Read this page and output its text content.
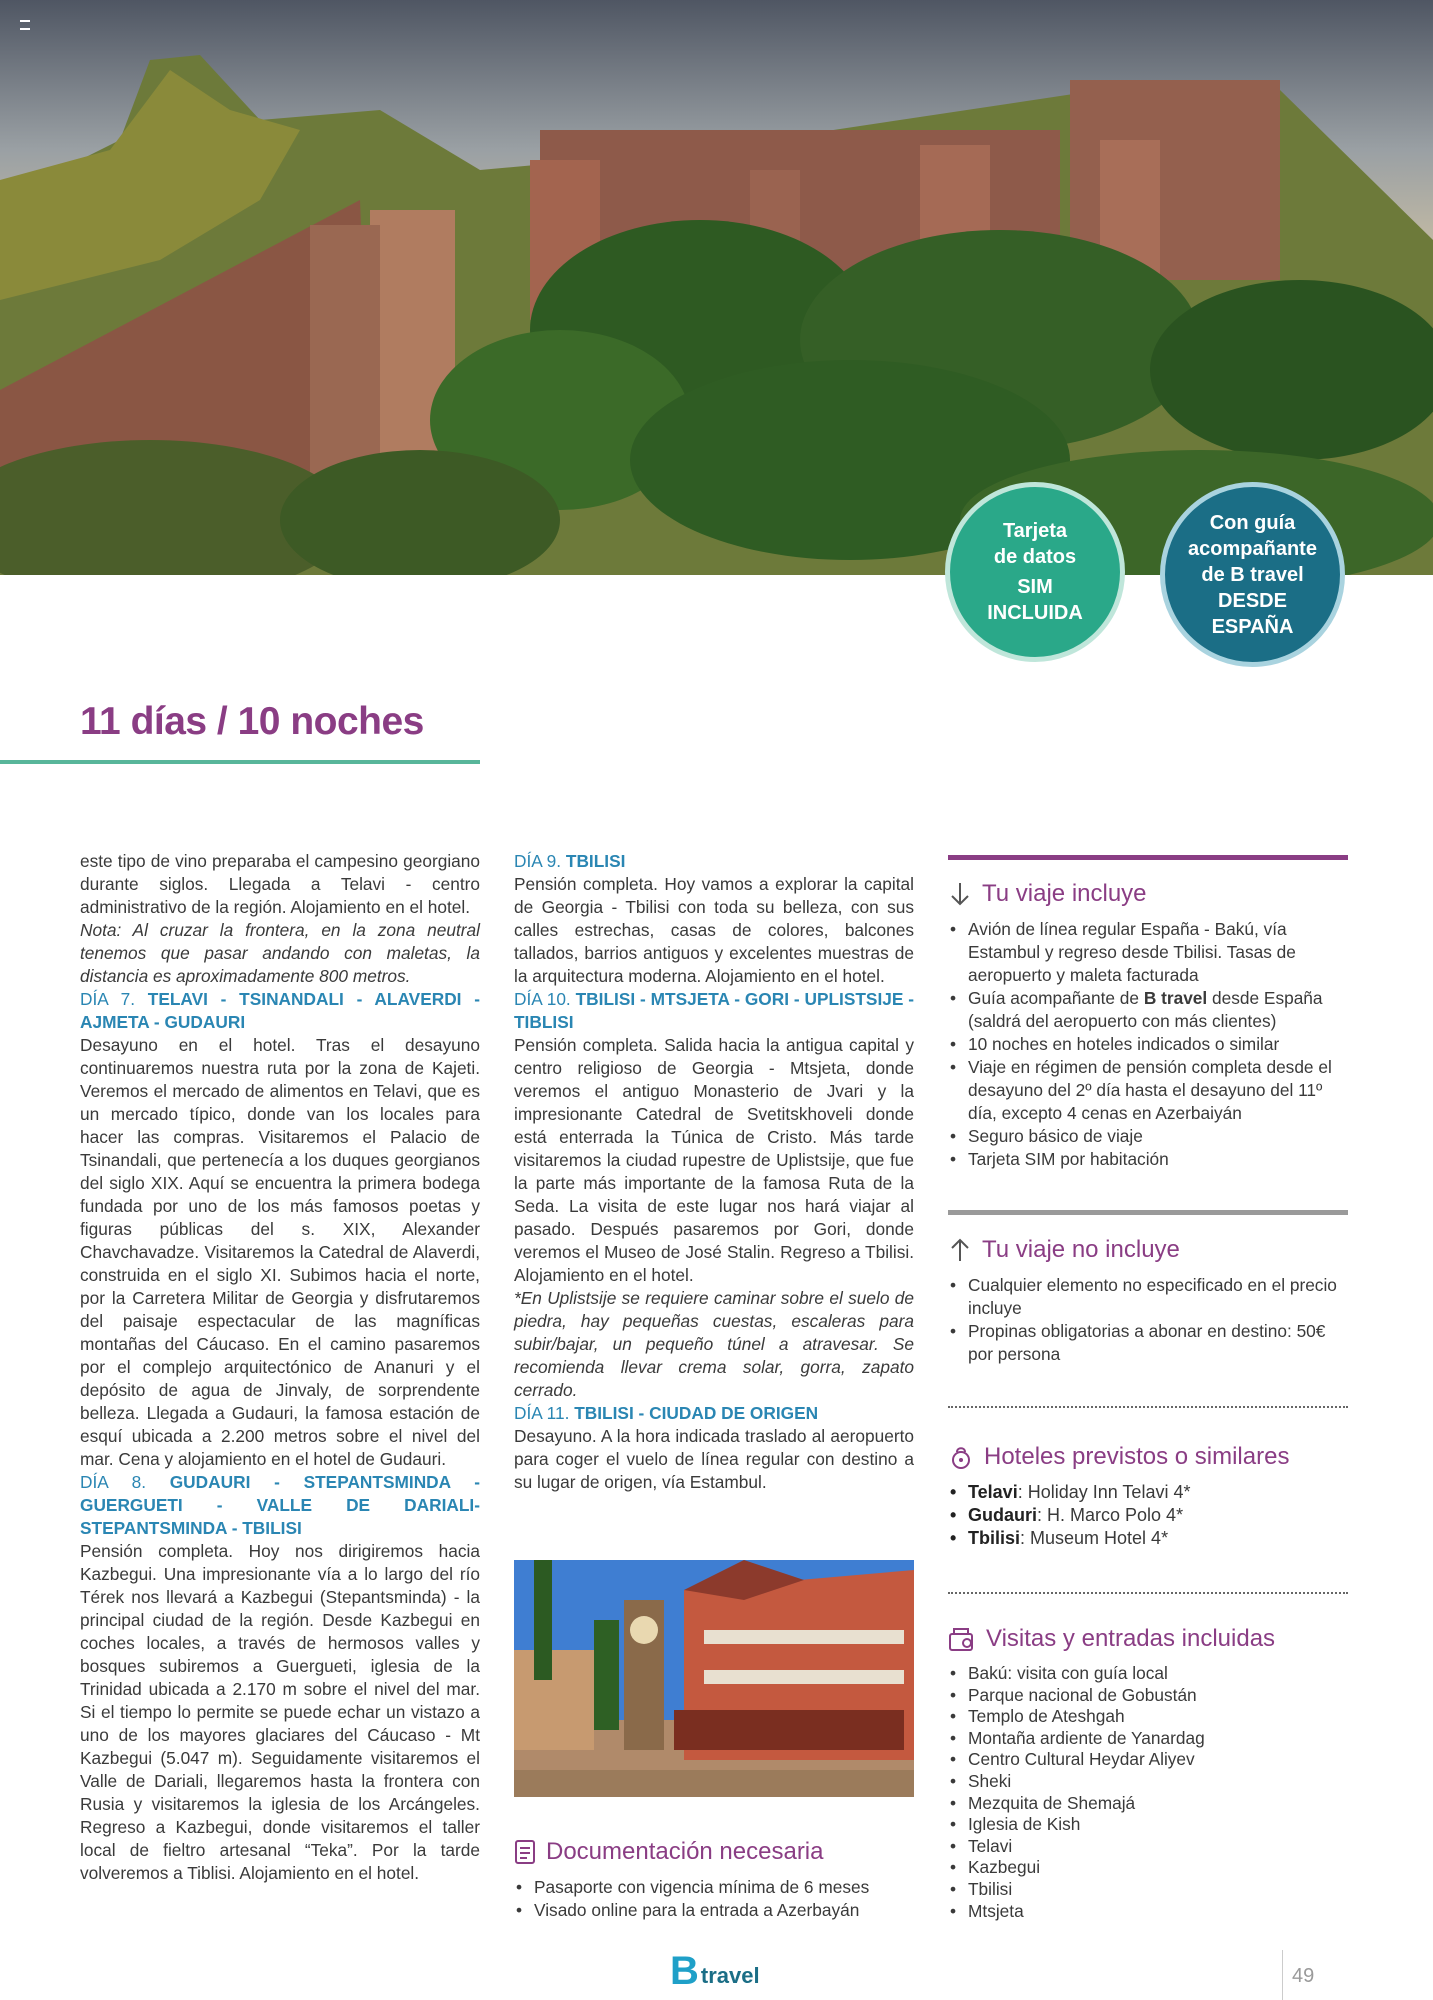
Tarjeta
de datos
SIM
INCLUIDA
Con guía
acompañante
de B travel
DESDE
ESPAÑA
11 días / 10 noches

este tipo de vino preparaba el campesino georgiano durante siglos. Llegada a Telavi - centro administrativo de la región. Alojamiento en el hotel.

Nota: Al cruzar la frontera, en la zona neutral tenemos que pasar andando con maletas, la distancia es aproximadamente 800 metros.

DÍA 7. TELAVI - TSINANDALI - ALAVERDI - AJMETA - GUDAURI

Desayuno en el hotel. Tras el desayuno continuaremos nuestra ruta por la zona de Kajeti. Veremos el mercado de alimentos en Telavi, que es un mercado típico, donde van los locales para hacer las compras. Visitaremos el Palacio de Tsinandali, que pertenecía a los duques georgianos del siglo XIX. Aquí se encuentra la primera bodega fundada por uno de los más famosos poetas y figuras públicas del s. XIX, Alexander Chavchavadze. Visitaremos la Catedral de Alaverdi, construida en el siglo XI. Subimos hacia el norte, por la Carretera Militar de Georgia y disfrutaremos del paisaje espectacular de las magníficas montañas del Cáucaso. En el camino pasaremos por el complejo arquitectónico de Ananuri y el depósito de agua de Jinvaly, de sorprendente belleza. Llegada a Gudauri, la famosa estación de esquí ubicada a 2.200 metros sobre el nivel del mar. Cena y alojamiento en el hotel de Gudauri.

DÍA 8. GUDAURI - STEPANTSMINDA - GUERGUETI - VALLE DE DARIALI- STEPANTSMINDA - TBILISI

Pensión completa. Hoy nos dirigiremos hacia Kazbegui. Una impresionante vía a lo largo del río Térek nos llevará a Kazbegui (Stepantsminda) - la principal ciudad de la región. Desde Kazbegui en coches locales, a través de hermosos valles y bosques subiremos a Guergueti, iglesia de la Trinidad ubicada a 2.170 m sobre el nivel del mar. Si el tiempo lo permite se puede echar un vistazo a uno de los mayores glaciares del Cáucaso - Mt Kazbegui (5.047 m). Seguidamente visitaremos el Valle de Dariali, llegaremos hasta la frontera con Rusia y visitaremos la iglesia de los Arcángeles. Regreso a Kazbegui, donde visitaremos el taller local de fieltro artesanal “Teka”. Por la tarde volveremos a Tiblisi. Alojamiento en el hotel.

DÍA 9. TBILISI

Pensión completa. Hoy vamos a explorar la capital de Georgia - Tbilisi con toda su belleza, con sus calles estrechas, casas de colores, balcones tallados, barrios antiguos y excelentes muestras de la arquitectura moderna. Alojamiento en el hotel.

DÍA 10. TBILISI - MTSJETA - GORI - UPLISTSIJE - TIBLISI

Pensión completa. Salida hacia la antigua capital y centro religioso de Georgia - Mtsjeta, donde veremos el antiguo Monasterio de Jvari y la impresionante Catedral de Svetitskhoveli donde está enterrada la Túnica de Cristo. Más tarde visitaremos la ciudad rupestre de Uplistsije, que fue la parte más importante de la famosa Ruta de la Seda. La visita de este lugar nos hará viajar al pasado. Después pasaremos por Gori, donde veremos el Museo de José Stalin. Regreso a Tbilisi. Alojamiento en el hotel.

*En Uplistsije se requiere caminar sobre el suelo de piedra, hay pequeñas cuestas, escaleras para subir/bajar, un pequeño túnel a atravesar. Se recomienda llevar crema solar, gorra, zapato cerrado.

DÍA 11. TBILISI - CIUDAD DE ORIGEN

Desayuno. A la hora indicada traslado al aeropuerto para coger el vuelo de línea regular con destino a su lugar de origen, vía Estambul.

Documentación necesaria
• Pasaporte con vigencia mínima de 6 meses
• Visado online para la entrada a Azerbayán
Tu viaje incluye
• Avión de línea regular España - Bakú, vía Estambul y regreso desde Tbilisi. Tasas de aeropuerto y maleta facturada
• Guía acompañante de B travel desde España (saldrá del aeropuerto con más clientes)
• 10 noches en hoteles indicados o similar
• Viaje en régimen de pensión completa desde el desayuno del 2º día hasta el desayuno del 11º día, excepto 4 cenas en Azerbaiyán
• Seguro básico de viaje
• Tarjeta SIM por habitación
Tu viaje no incluye
• Cualquier elemento no especificado en el precio incluye
• Propinas obligatorias a abonar en destino: 50€ por persona
Hoteles previstos o similares
• Telavi: Holiday Inn Telavi 4*
• Gudauri: H. Marco Polo 4*
• Tbilisi: Museum Hotel 4*
Visitas y entradas incluidas
• Bakú: visita con guía local
• Parque nacional de Gobustán
• Templo de Ateshgah
• Montaña ardiente de Yanardag
• Centro Cultural Heydar Aliyev
• Sheki
• Mezquita de Shemajá
• Iglesia de Kish
• Telavi
• Kazbegui
• Tbilisi
• Mtsjeta
B travel	49
